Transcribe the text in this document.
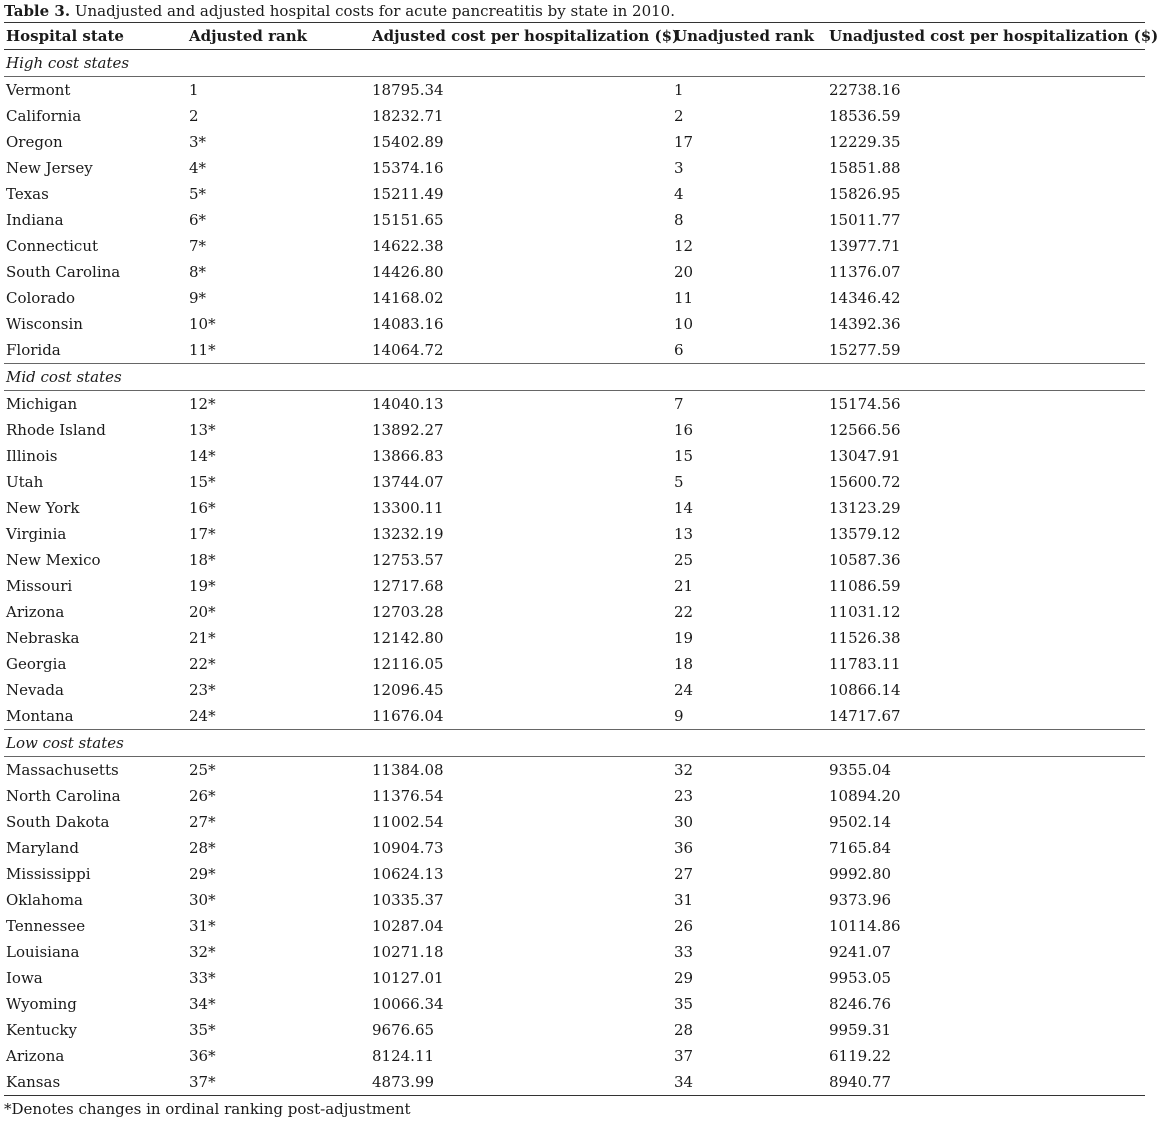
Table 3. Unadjusted and adjusted hospital costs for acute pancreatitis by state in 2010.
Hospital state	Adjusted rank	Adjusted cost per hospitalization ($)	Unadjusted rank	Unadjusted cost per hospitalization ($)
High cost states				
Vermont	1	18795.34	1	22738.16
California	2	18232.71	2	18536.59
Oregon	3*	15402.89	17	12229.35
New Jersey	4*	15374.16	3	15851.88
Texas	5*	15211.49	4	15826.95
Indiana	6*	15151.65	8	15011.77
Connecticut	7*	14622.38	12	13977.71
South Carolina	8*	14426.80	20	11376.07
Colorado	9*	14168.02	11	14346.42
Wisconsin	10*	14083.16	10	14392.36
Florida	11*	14064.72	6	15277.59
Mid cost states				
Michigan	12*	14040.13	7	15174.56
Rhode Island	13*	13892.27	16	12566.56
Illinois	14*	13866.83	15	13047.91
Utah	15*	13744.07	5	15600.72
New York	16*	13300.11	14	13123.29
Virginia	17*	13232.19	13	13579.12
New Mexico	18*	12753.57	25	10587.36
Missouri	19*	12717.68	21	11086.59
Arizona	20*	12703.28	22	11031.12
Nebraska	21*	12142.80	19	11526.38
Georgia	22*	12116.05	18	11783.11
Nevada	23*	12096.45	24	10866.14
Montana	24*	11676.04	9	14717.67
Low cost states				
Massachusetts	25*	11384.08	32	9355.04
North Carolina	26*	11376.54	23	10894.20
South Dakota	27*	11002.54	30	9502.14
Maryland	28*	10904.73	36	7165.84
Mississippi	29*	10624.13	27	9992.80
Oklahoma	30*	10335.37	31	9373.96
Tennessee	31*	10287.04	26	10114.86
Louisiana	32*	10271.18	33	9241.07
Iowa	33*	10127.01	29	9953.05
Wyoming	34*	10066.34	35	8246.76
Kentucky	35*	9676.65	28	9959.31
Arizona	36*	8124.11	37	6119.22
Kansas	37*	4873.99	34	8940.77
*Denotes changes in ordinal ranking post-adjustment
